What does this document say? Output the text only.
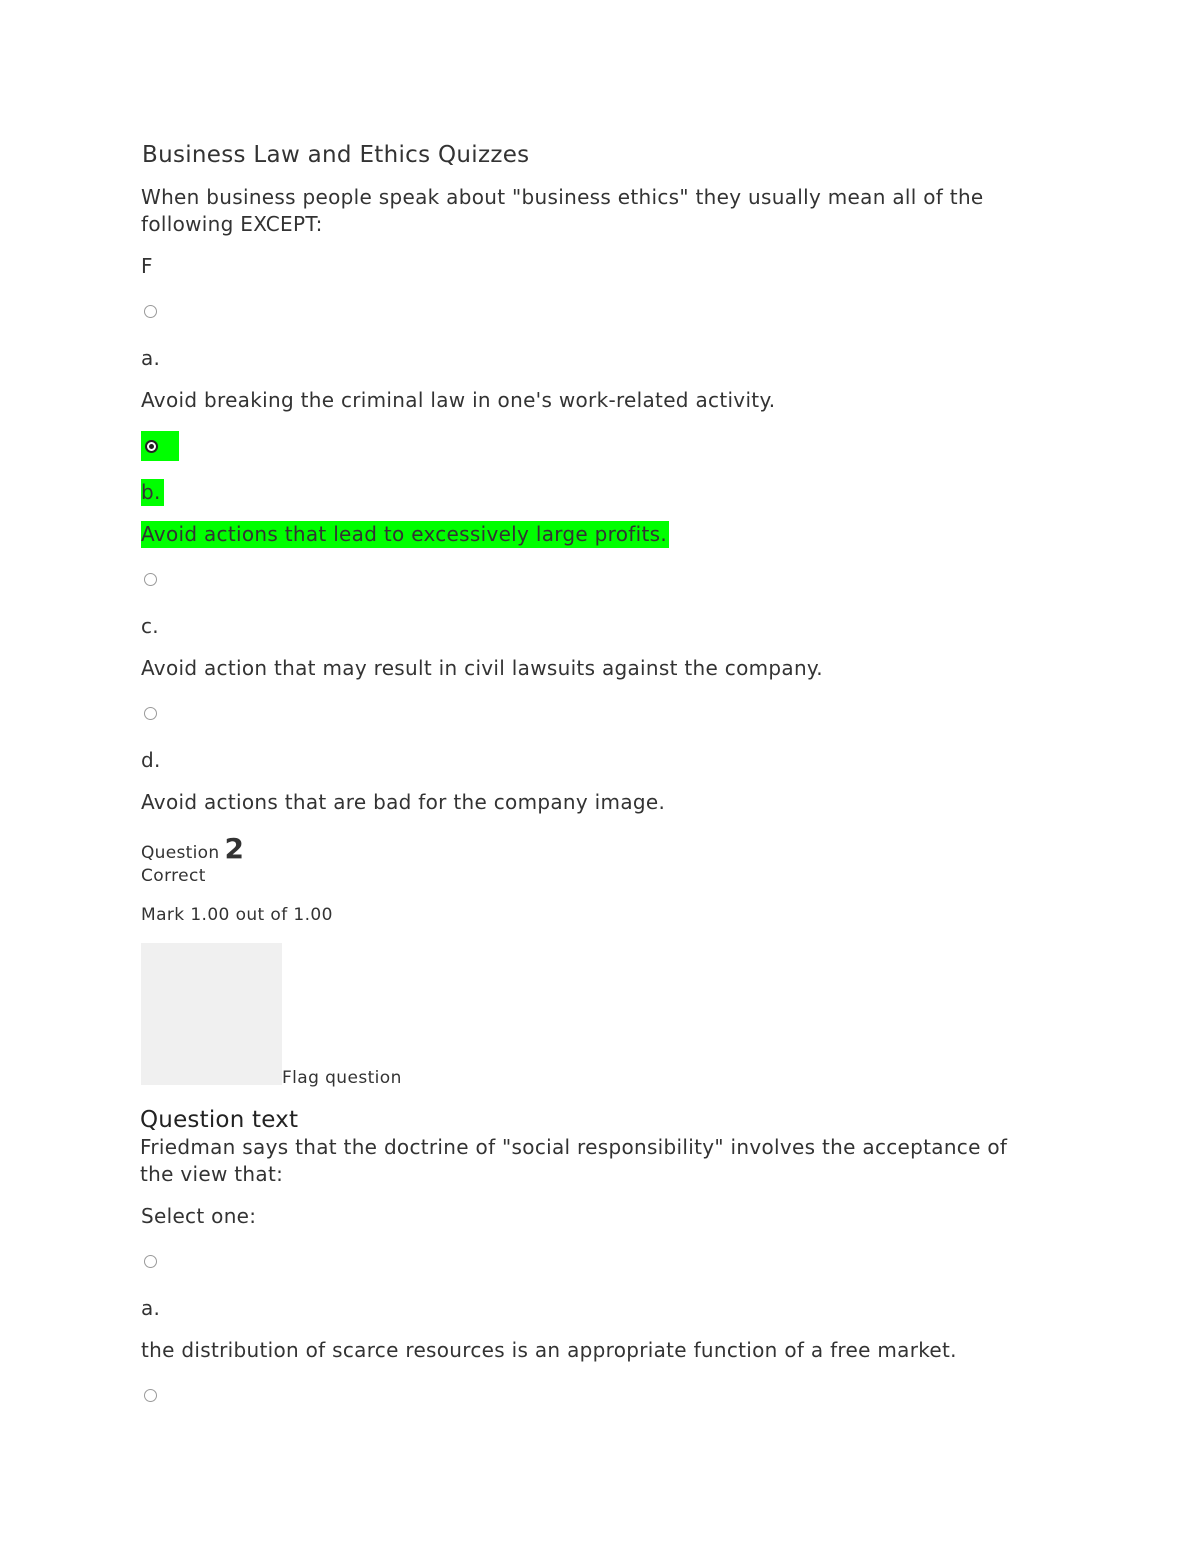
Business Law and Ethics Quizzes
When business people speak about "business ethics" they usually mean all of the
following EXCEPT:
F
a.
Avoid breaking the criminal law in one's work-related activity.
b.
Avoid actions that lead to excessively large profits.
c.
Avoid action that may result in civil lawsuits against the company.
d.
Avoid actions that are bad for the company image.
Question 2
Correct
Mark 1.00 out of 1.00
Flag question
Question text
Friedman says that the doctrine of "social responsibility" involves the acceptance of
the view that:
Select one:
a.
the distribution of scarce resources is an appropriate function of a free market.
